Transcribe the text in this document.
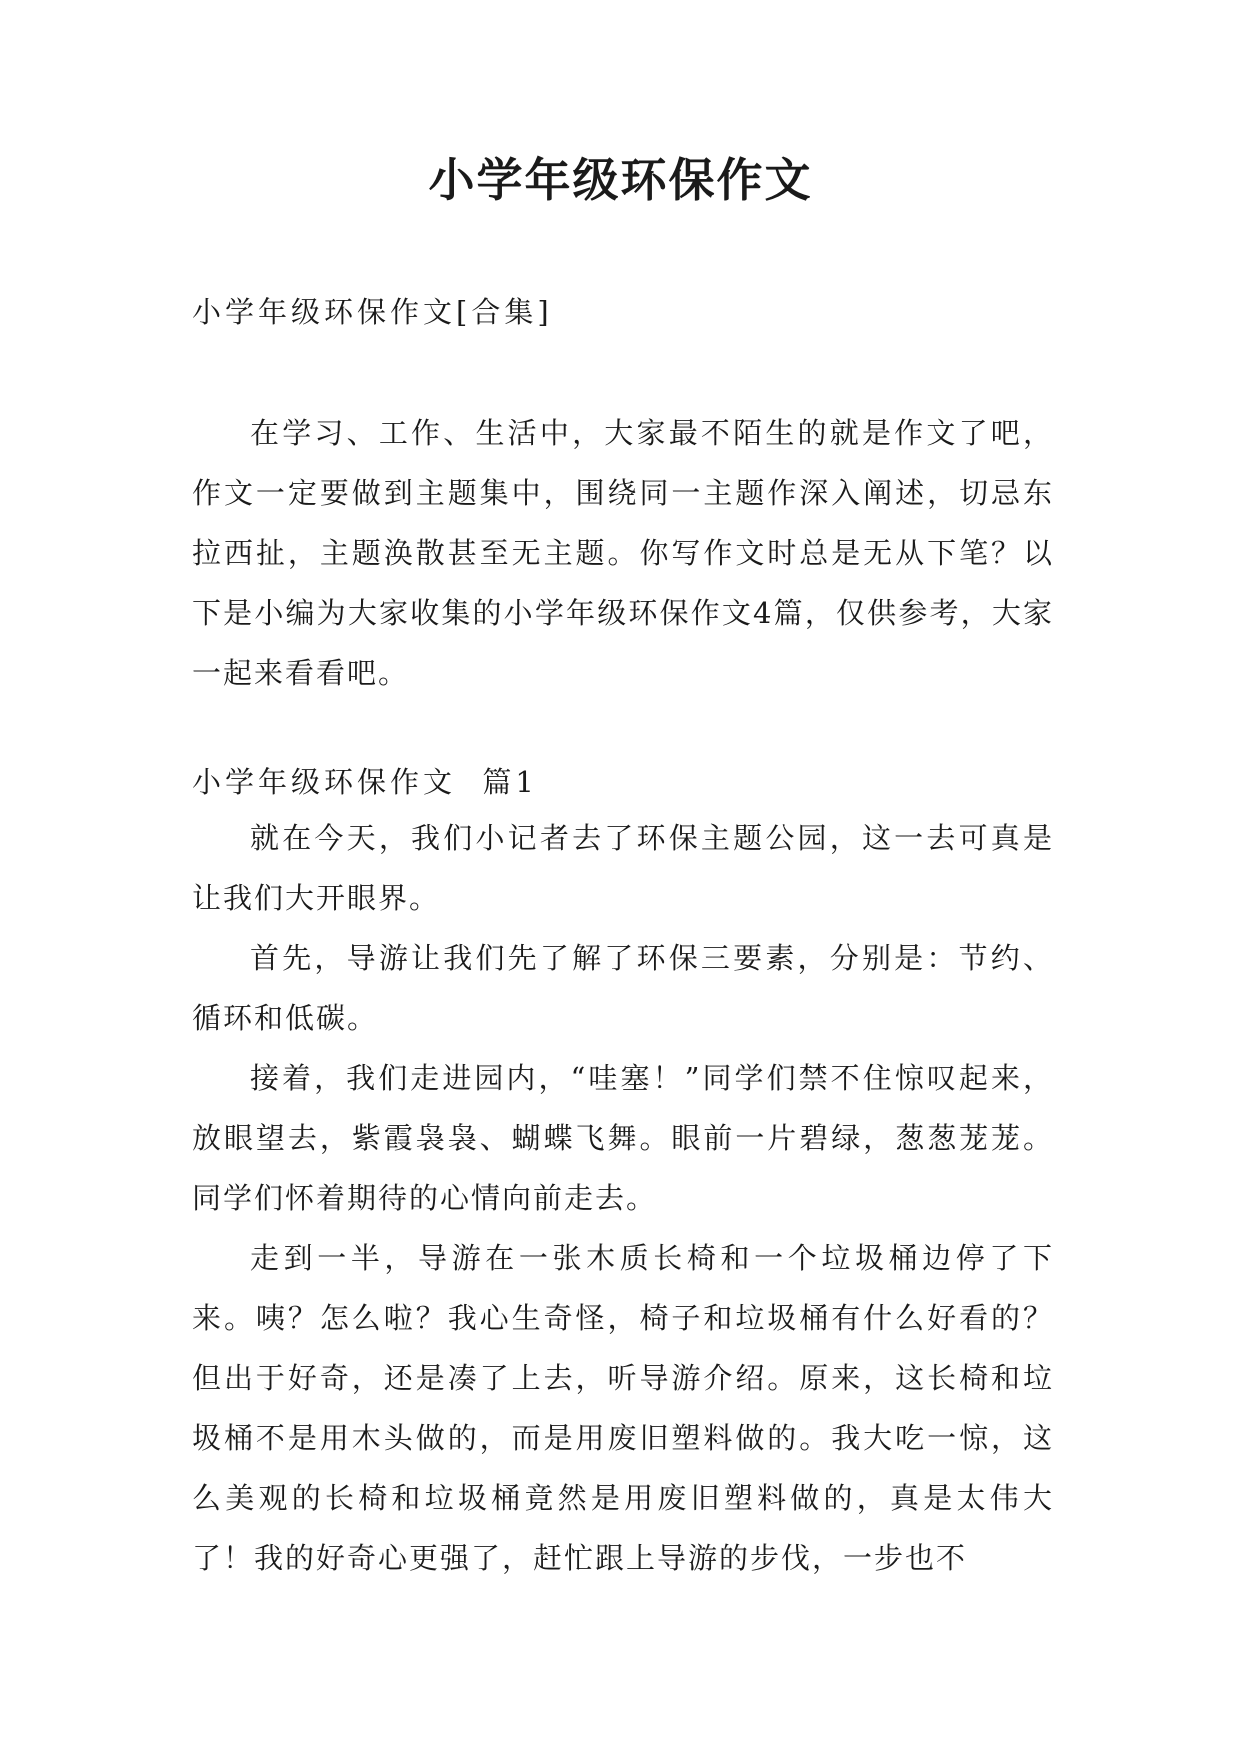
小学年级环保作文
小学年级环保作文[合集]

在学习、工作、生活中，大家最不陌生的就是作文了吧，作文一定要做到主题集中，围绕同一主题作深入阐述，切忌东拉西扯，主题涣散甚至无主题。你写作文时总是无从下笔？以下是小编为大家收集的小学年级环保作文4篇，仅供参考，大家一起来看看吧。

小学年级环保作文  篇1

就在今天，我们小记者去了环保主题公园，这一去可真是让我们大开眼界。

首先，导游让我们先了解了环保三要素，分别是：节约、循环和低碳。

接着，我们走进园内，“哇塞！”同学们禁不住惊叹起来，放眼望去，紫霞袅袅、蝴蝶飞舞。眼前一片碧绿，葱葱茏茏。同学们怀着期待的心情向前走去。

走到一半，导游在一张木质长椅和一个垃圾桶边停了下来。咦？怎么啦？我心生奇怪，椅子和垃圾桶有什么好看的？但出于好奇，还是凑了上去，听导游介绍。原来，这长椅和垃圾桶不是用木头做的，而是用废旧塑料做的。我大吃一惊，这么美观的长椅和垃圾桶竟然是用废旧塑料做的，真是太伟大了！我的好奇心更强了，赶忙跟上导游的步伐，一步也不
